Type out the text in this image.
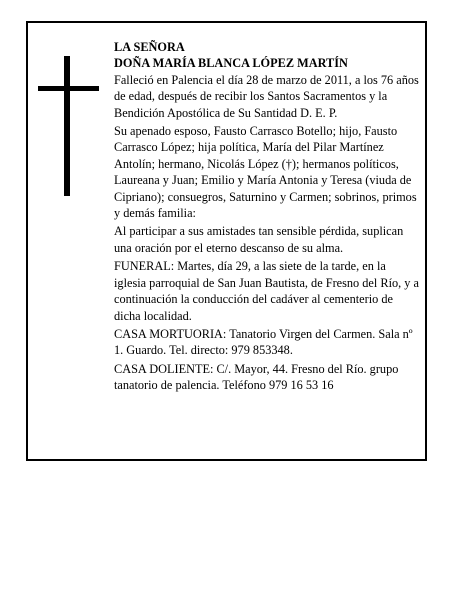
LA SEÑORA

DOÑA MARÍA BLANCA LÓPEZ MARTÍN

Falleció en Palencia el día 28 de marzo de 2011, a los 76 años de edad, después de recibir los Santos Sacramentos y la Bendición Apostólica de Su Santidad D. E. P.

Su apenado esposo, Fausto Carrasco Botello; hijo, Fausto Carrasco López; hija política, María del Pilar Martínez Antolín; hermano, Nicolás López (†); hermanos políticos, Laureana y Juan; Emilio y María Antonia y Teresa (viuda de Cipriano); consuegros, Saturnino y Carmen; sobrinos, primos y demás familia:

Al participar a sus amistades tan sensible pérdida, suplican una oración por el eterno descanso de su alma.

FUNERAL: Martes, día 29, a las siete de la tarde, en la iglesia parroquial de San Juan Bautista, de Fresno del Río, y a continuación la conducción del cadáver al cementerio de dicha localidad.

CASA MORTUORIA: Tanatorio Virgen del Carmen. Sala nº 1. Guardo. Tel. directo: 979 853348.

CASA DOLIENTE: C/. Mayor, 44. Fresno del Río. grupo tanatorio de palencia. Teléfono 979 16 53 16
